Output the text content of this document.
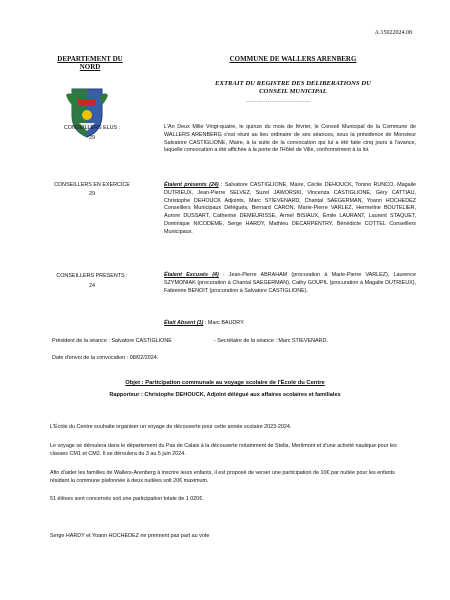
A.15022024.08
DEPARTEMENT DU NORD
COMMUNE DE WALLERS ARENBERG
EXTRAIT DU REGISTRE DES DELIBERATIONS DU CONSEIL MUNICIPAL
------------------------------
CONSEILLERS ELUS :
29
CONSEILLERS EN EXERCICE
29
CONSEILLERS PRESENTS :
24
L'An Deux Mille Vingt-quatre, le quinze du mois de février, le Conseil Municipal de la Commune de WALLERS ARENBERG s'est réuni au lieu ordinaire de ses séances, sous la présidence de Monsieur Salvatore CASTIGLIONE, Maire, à la suite de la convocation qui lui a été faite cinq jours à l'avance, laquelle convocation a été affichée à la porte de l'Hôtel de Ville, conformément à la loi.
Étaient présents (24) : Salvatore CASTIGLIONE, Maire, Cécile DEHOUCK, Tonino RUNCO, Magalie DUTRIEUX, Jean-Pierre SELVEZ, Suzel JAWORSKI, Vincenza CASTIGLIONE, Géry CATTIAU, Christophe DEHOUCK Adjoints, Marc STIEVENARD, Chantal SAEGERMAN, Yoann HOCHEDEZ Conseillers Municipaux Délégués, Bernard CARON, Marie-Pierre VARLEZ, Hermeline BOUTELIER, Aurore DUSSART, Catherine DEMEURISSE, Armel BISIAUX, Émile LAURANT, Laurent STAQUET, Dominique NICODEME, Serge HARDY, Mathieu DECARPENTRY, Bénédicte COTTEL Conseillers Municipaux.
Étaient Excusés (4) : Jean-Pierre ABRAHAM (procuration à Marie-Pierre VARLEZ), Laurence SZYMONIAK (procuration à Chantal SAEGERMAN), Cathy GOUPIL (procuration à Magalie DUTRIEUX), Fabienne BENOIT (procuration à Salvatore CASTIGLIONE).
Était Absent (1) : Marc BAUDRY.
Président de la séance : Salvatore CASTIGLIONE	- Secrétaire de la séance : Marc STIEVENARD.
Date d'envoi de la convocation : 08/02/2024.
Objet : Participation communale au voyage scolaire de l'École du Centre
Rapporteur : Christophe DEHOUCK, Adjoint délégué aux affaires scolaires et familiales
L'École du Centre souhaite organiser un voyage de découverte pour cette année scolaire 2023-2024.
Le voyage se déroulera dans le département du Pas de Calais à la découverte notamment de Stella, Merlimont et d'une activité nautique pour les classes CM1 et CM2. Il se déroulera du 3 au 5 juin 2024.
Afin d'aider les familles de Wallers-Arenberg à inscrire leurs enfants, il est proposé de verser une participation de 10€ par nuitée pour les enfants résidant la commune plafonnée à deux nuitées soit 20€ maximum.
51 élèves sont concernés soit une participation totale de 1 020€.
Serge HARDY et Yoann HOCHEDEZ ne prennent pas part au vote
